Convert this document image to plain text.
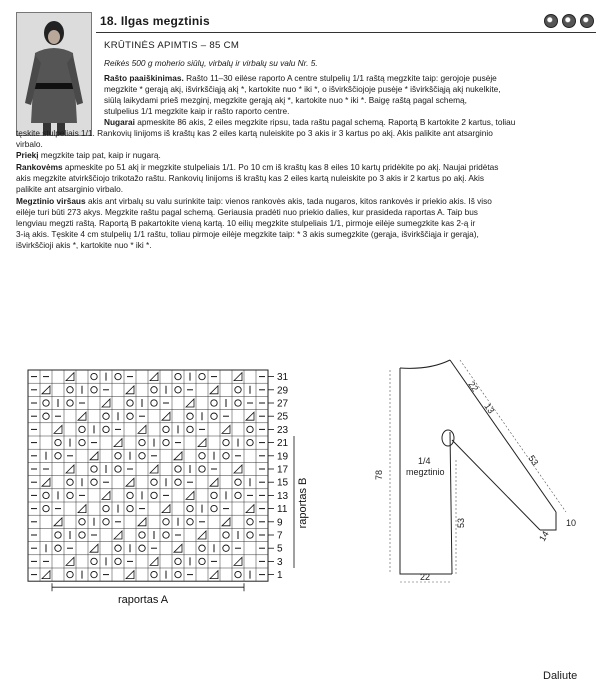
18. Ilgas megztinis
KRŪTINĖS APIMTIS – 85 CM
Reikės 500 g moherio siūlų, virbalų ir virbalų su valu Nr. 5.
Rašto paaiškinimas. Rašto 11–30 eilėse raporto A centre stulpelių 1/1 raštą megzkite taip: gerojoje pusėje
megzkite * gerąją akį, išvirkščiąją akį *, kartokite nuo * iki *, o išvirkščiojoje pusėje * išvirkščiąją akį nukelkite,
siūlą laikydami prieš mezginį, megzkite gerąją akį *, kartokite nuo * iki *. Baigę raštą pagal schemą,
stulpelius 1/1 megzkite kaip ir rašto raporto centre.
Nugarai apmeskite 86 akis, 2 eiles megzkite ripsu, tada raštu pagal schemą. Raportą B kartokite 2 kartus, toliau
tęskite stulpeliais 1/1. Rankovių linijoms iš kraštų kas 2 eiles kartą nuleiskite po 3 akis ir 3 kartus po akį. Akis palikite ant atsarginio
virbalo.
Priekį megzkite taip pat, kaip ir nugarą.
Rankovėms apmeskite po 51 akį ir megzkite stulpeliais 1/1. Po 10 cm iš kraštų kas 8 eiles 10 kartų pridėkite po akį. Naujai pridėtas
akis megzkite atvirkščiojo trikotažo raštu. Rankovių linijoms iš kraštų kas 2 eiles kartą nuleiskite po 3 akis ir 2 kartus po akį. Akis
palikite ant atsarginio virbalo.
Megztinio viršaus akis ant virbalų su valu surinkite taip: vienos rankovės akis, tada nugaros, kitos rankovės ir priekio akis. Iš viso
eilėje turi būti 273 akys. Megzkite raštu pagal schemą. Geriausia pradėti nuo priekio dalies, kur prasideda raportas A. Taip bus
lengviau megzti raštą. Raportą B pakartokite vieną kartą. 10 eilių megzkite stulpeliais 1/1, pirmoje eilėje sumegzkite kas 2-ą ir
3-ią akis. Tęskite 4 cm stulpelių 1/1 raštu, toliau pirmoje eilėje megzkite taip: * 3 akis sumegzkite (gerąja, išvirkščiąja ir gerąja),
išvirkščioji akis *, kartokite nuo * iki *.
31
29
27
25
23
21
19
17
15
13
11
9
7
5
3
1
raportas A
raportas B
78
22
13
53
53	10
14
22
1/4
megztinio
Daliute
